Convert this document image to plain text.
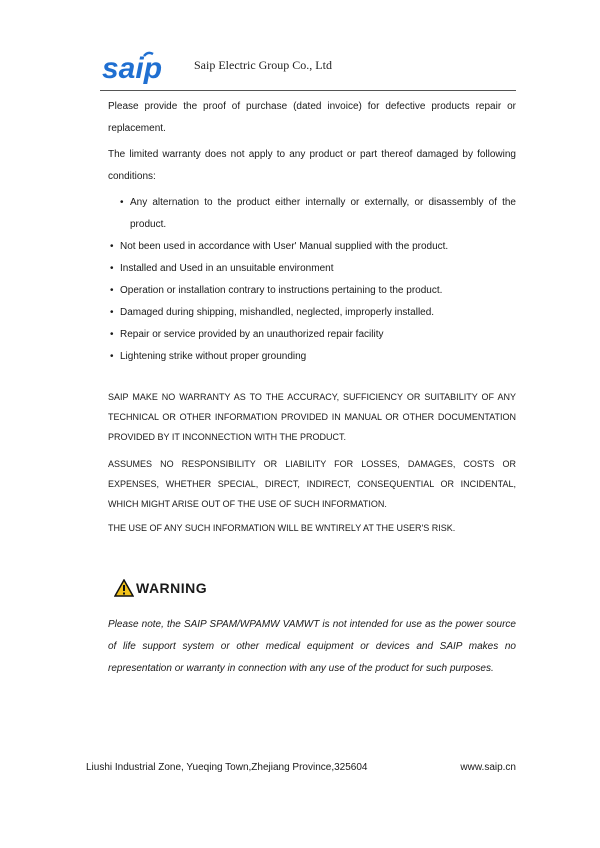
saip	Saip Electric Group Co., Ltd

Please provide the proof of purchase (dated invoice) for defective products repair or replacement.

The limited warranty does not apply to any product or part thereof damaged by following conditions:

• Any alternation to the product either internally or externally, or disassembly of the product.
• Not been used in accordance with User' Manual supplied with the product.
• Installed and Used in an unsuitable environment
• Operation or installation contrary to instructions pertaining to the product.
• Damaged during shipping, mishandled, neglected, improperly installed.
• Repair or service provided by an unauthorized repair facility
• Lightening strike without proper grounding
SAIP MAKE NO WARRANTY AS TO THE ACCURACY, SUFFICIENCY OR SUITABILITY OF ANY TECHNICAL OR OTHER INFORMATION PROVIDED IN MANUAL OR OTHER DOCUMENTATION PROVIDED BY IT INCONNECTION WITH THE PRODUCT.
ASSUMES NO RESPONSIBILITY OR LIABILITY FOR LOSSES, DAMAGES, COSTS OR EXPENSES, WHETHER SPECIAL, DIRECT, INDIRECT, CONSEQUENTIAL OR INCIDENTAL, WHICH MIGHT ARISE OUT OF THE USE OF SUCH INFORMATION.
THE USE OF ANY SUCH INFORMATION WILL BE WNTIRELY AT THE USER'S RISK.
WARNING
Please note, the SAIP SPAM/WPAMW VAMWT is not intended for use as the power source of life support system or other medical equipment or devices and SAIP makes no representation or warranty in connection with any use of the product for such purposes.
Liushi Industrial Zone, Yueqing Town,Zhejiang Province,325604	www.saip.cn
